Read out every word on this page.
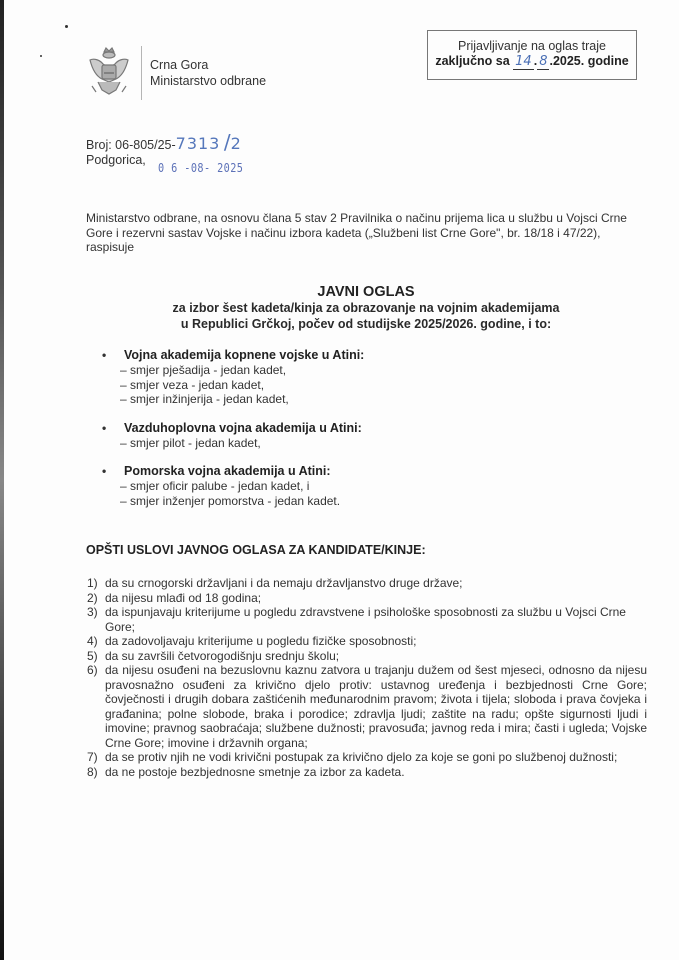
Crna Gora
Ministarstvo odbrane
Prijavljivanje na oglas traje
zaključno sa 14 . 8 .2025. godine
Broj: 06-805/25-7313 /2
Podgorica,
0 6 -08- 2025
Ministarstvo odbrane, na osnovu člana 5 stav 2 Pravilnika o načinu prijema lica u službu u Vojsci Crne Gore i rezervni sastav Vojske i načinu izbora kadeta („Službeni list Crne Gore", br. 18/18 i 47/22), raspisuje
JAVNI OGLAS
za izbor šest kadeta/kinja za obrazovanje na vojnim akademijama
u Republici Grčkoj, počev od studijske 2025/2026. godine, i to:
•	Vojna akademija kopnene vojske u Atini:
– smjer pješadija - jedan kadet,
– smjer veza - jedan kadet,
– smjer inžinjerija - jedan kadet,
•	Vazduhoplovna vojna akademija u Atini:
– smjer pilot - jedan kadet,
•	Pomorska vojna akademija u Atini:
– smjer oficir palube - jedan kadet, i
– smjer inženjer pomorstva - jedan kadet.
OPŠTI USLOVI JAVNOG OGLASA ZA KANDIDATE/KINJE:
1) da su crnogorski državljani i da nemaju državljanstvo druge države;
2) da nijesu mlađi od 18 godina;
3) da ispunjavaju kriterijume u pogledu zdravstvene i psihološke sposobnosti za službu u Vojsci Crne Gore;
4) da zadovoljavaju kriterijume u pogledu fizičke sposobnosti;
5) da su završili četvorogodišnju srednju školu;
6) da nijesu osuđeni na bezuslovnu kaznu zatvora u trajanju dužem od šest mjeseci, odnosno da nijesu pravosnažno osuđeni za krivično djelo protiv: ustavnog uređenja i bezbjednosti Crne Gore; čovječnosti i drugih dobara zaštićenih međunarodnim pravom; života i tijela; sloboda i prava čovjeka i građanina; polne slobode, braka i porodice; zdravlja ljudi; zaštite na radu; opšte sigurnosti ljudi i imovine; pravnog saobraćaja; službene dužnosti; pravosuđa; javnog reda i mira; časti i ugleda; Vojske Crne Gore; imovine i državnih organa;
7) da se protiv njih ne vodi krivični postupak za krivično djelo za koje se goni po službenoj dužnosti;
8) da ne postoje bezbjednosne smetnje za izbor za kadeta.
